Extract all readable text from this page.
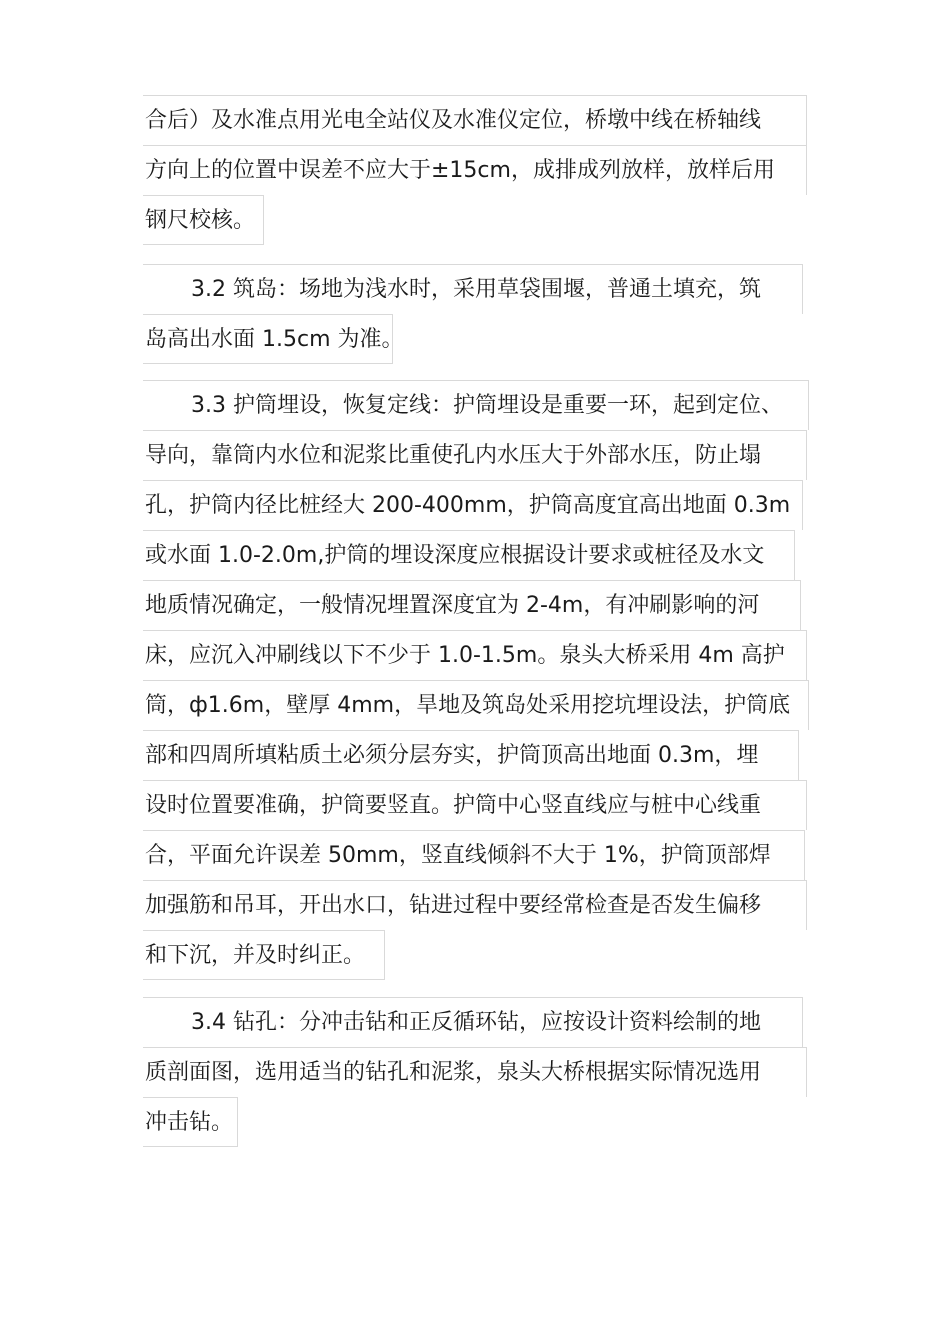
合后）及水准点用光电全站仪及水准仪定位，桥墩中线在桥轴线
方向上的位置中误差不应大于±15cm，成排成列放样，放样后用
钢尺校核。
3.2 筑岛：场地为浅水时，采用草袋围堰，普通土填充，筑
岛高出水面 1.5cm 为准。
3.3 护筒埋设，恢复定线：护筒埋设是重要一环，起到定位、
导向，靠筒内水位和泥浆比重使孔内水压大于外部水压，防止塌
孔，护筒内径比桩经大 200-400mm，护筒高度宜高出地面 0.3m
或水面 1.0-2.0m,护筒的埋设深度应根据设计要求或桩径及水文
地质情况确定，一般情况埋置深度宜为 2-4m，有冲刷影响的河
床，应沉入冲刷线以下不少于 1.0-1.5m。泉头大桥采用 4m 高护
筒，ф1.6m，壁厚 4mm，旱地及筑岛处采用挖坑埋设法，护筒底
部和四周所填粘质土必须分层夯实，护筒顶高出地面 0.3m，埋
设时位置要准确，护筒要竖直。护筒中心竖直线应与桩中心线重
合，平面允许误差 50mm，竖直线倾斜不大于 1%，护筒顶部焊
加强筋和吊耳，开出水口，钻进过程中要经常检查是否发生偏移
和下沉，并及时纠正。
3.4 钻孔：分冲击钻和正反循环钻，应按设计资料绘制的地
质剖面图，选用适当的钻孔和泥浆，泉头大桥根据实际情况选用
冲击钻。
